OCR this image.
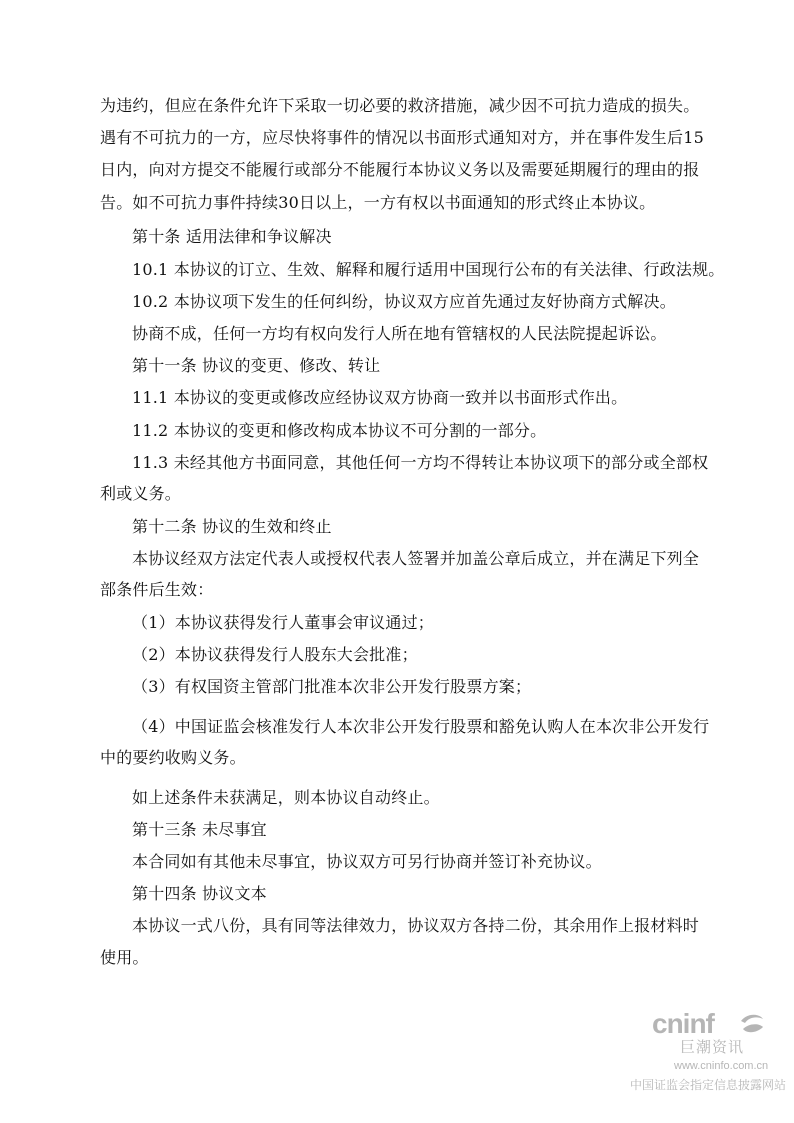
为违约，但应在条件允许下采取一切必要的救济措施，减少因不可抗力造成的损失。
遇有不可抗力的一方，应尽快将事件的情况以书面形式通知对方，并在事件发生后15
日内，向对方提交不能履行或部分不能履行本协议义务以及需要延期履行的理由的报
告。如不可抗力事件持续30日以上，一方有权以书面通知的形式终止本协议。
第十条 适用法律和争议解决
10.1 本协议的订立、生效、解释和履行适用中国现行公布的有关法律、行政法规。
10.2 本协议项下发生的任何纠纷，协议双方应首先通过友好协商方式解决。
协商不成，任何一方均有权向发行人所在地有管辖权的人民法院提起诉讼。
第十一条 协议的变更、修改、转让
11.1 本协议的变更或修改应经协议双方协商一致并以书面形式作出。
11.2 本协议的变更和修改构成本协议不可分割的一部分。
11.3 未经其他方书面同意，其他任何一方均不得转让本协议项下的部分或全部权
利或义务。
第十二条 协议的生效和终止
本协议经双方法定代表人或授权代表人签署并加盖公章后成立，并在满足下列全
部条件后生效：
（1）本协议获得发行人董事会审议通过；
（2）本协议获得发行人股东大会批准；
（3）有权国资主管部门批准本次非公开发行股票方案；
（4）中国证监会核准发行人本次非公开发行股票和豁免认购人在本次非公开发行
中的要约收购义务。
如上述条件未获满足，则本协议自动终止。
第十三条 未尽事宜
本合同如有其他未尽事宜，协议双方可另行协商并签订补充协议。
第十四条 协议文本
本协议一式八份，具有同等法律效力，协议双方各持二份，其余用作上报材料时
使用。
cninf
巨潮资讯
www.cninfo.com.cn
中国证监会指定信息披露网站
